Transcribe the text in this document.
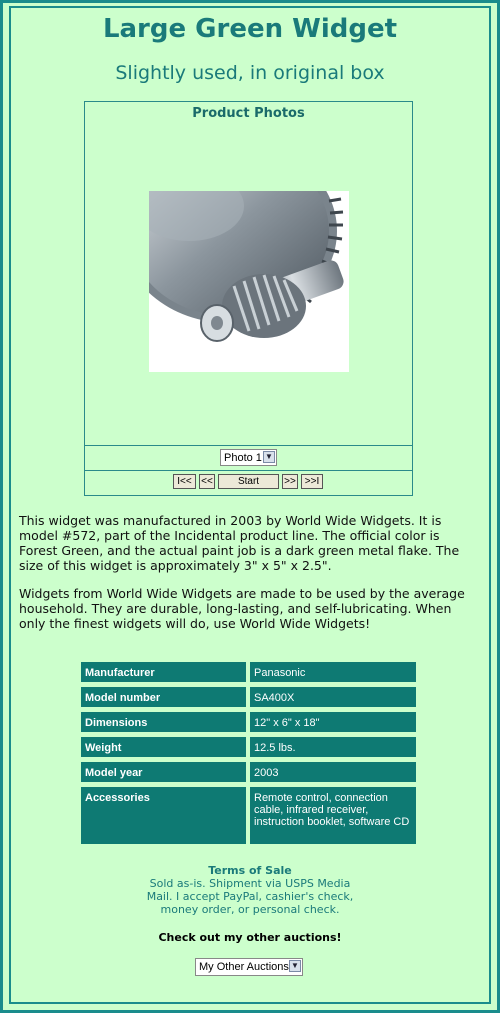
Large Green Widget
Slightly used, in original box
Product Photos
Photo 1 ▼
I<< <<	Start	>> >>I
This widget was manufactured in 2003 by World Wide Widgets. It is model #572, part of the Incidental product line. The official color is Forest Green, and the actual paint job is a dark green metal flake. The size of this widget is approximately 3" x 5" x 2.5".
Widgets from World Wide Widgets are made to be used by the average household. They are durable, long-lasting, and self-lubricating. When only the finest widgets will do, use World Wide Widgets!
Manufacturer	Panasonic
Model number	SA400X
Dimensions	12" x 6" x 18"
Weight	12.5 lbs.
Model year	2003
Accessories	Remote control, connection cable, infrared receiver, instruction booklet, software CD
Terms of Sale
Sold as-is. Shipment via USPS Media Mail. I accept PayPal, cashier's check, money order, or personal check.
Check out my other auctions!
My Other Auctions ▼
